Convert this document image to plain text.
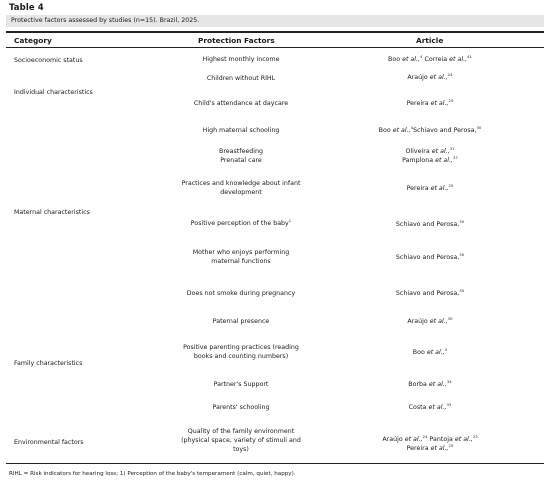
Table 4
Protective factors assessed by studies (n=15). Brazil, 2025.
Category	Protection Factors	Article
Socioeconomic status
Individual characteristics
Maternal characteristics
Family characteristics
Environmental factors
Highest monthly income
Children without RIHL
Child's attendance at daycare
High maternal schooling
Breastfeeding
Prenatal care
Practices and knowledge about infant
development
Positive perception of the baby$^1$
Mother who enjoys performing
maternal functions
Does not smoke during pregnancy
Paternal presence
Positive parenting practices (reading
books and counting numbers)
Partner's Support
Parents' schooling
Quality of the family environment
(physical space, variety of stimuli and
toys)
Boo et al.,$^4$ Correia et al.,$^{41}$
Araújo et al.,$^{24}$
Pereira et al.,$^{25}$
Boo et al.,$^4$Schiavo and Perosa,$^{30}$
Oliveira et al.,$^{31}$
Pamplona et al.,$^{37}$
Pereira et al.,$^{25}$
Schiavo and Perosa,$^{30}$
Schiavo and Perosa,$^{30}$
Schiavo and Perosa,$^{30}$
Araújo et al.,$^{30}$
Boo et al.,$^4$
Borba et al.,$^{34}$
Costa et al.,$^{33}$
Araújo et al.,$^{24}$ Pantoja et al.,$^{23}$
Pereira et al.,$^{25}$
RIHL = Risk indicators for hearing loss; 1) Perception of the baby's temperament (calm, quiet, happy).
